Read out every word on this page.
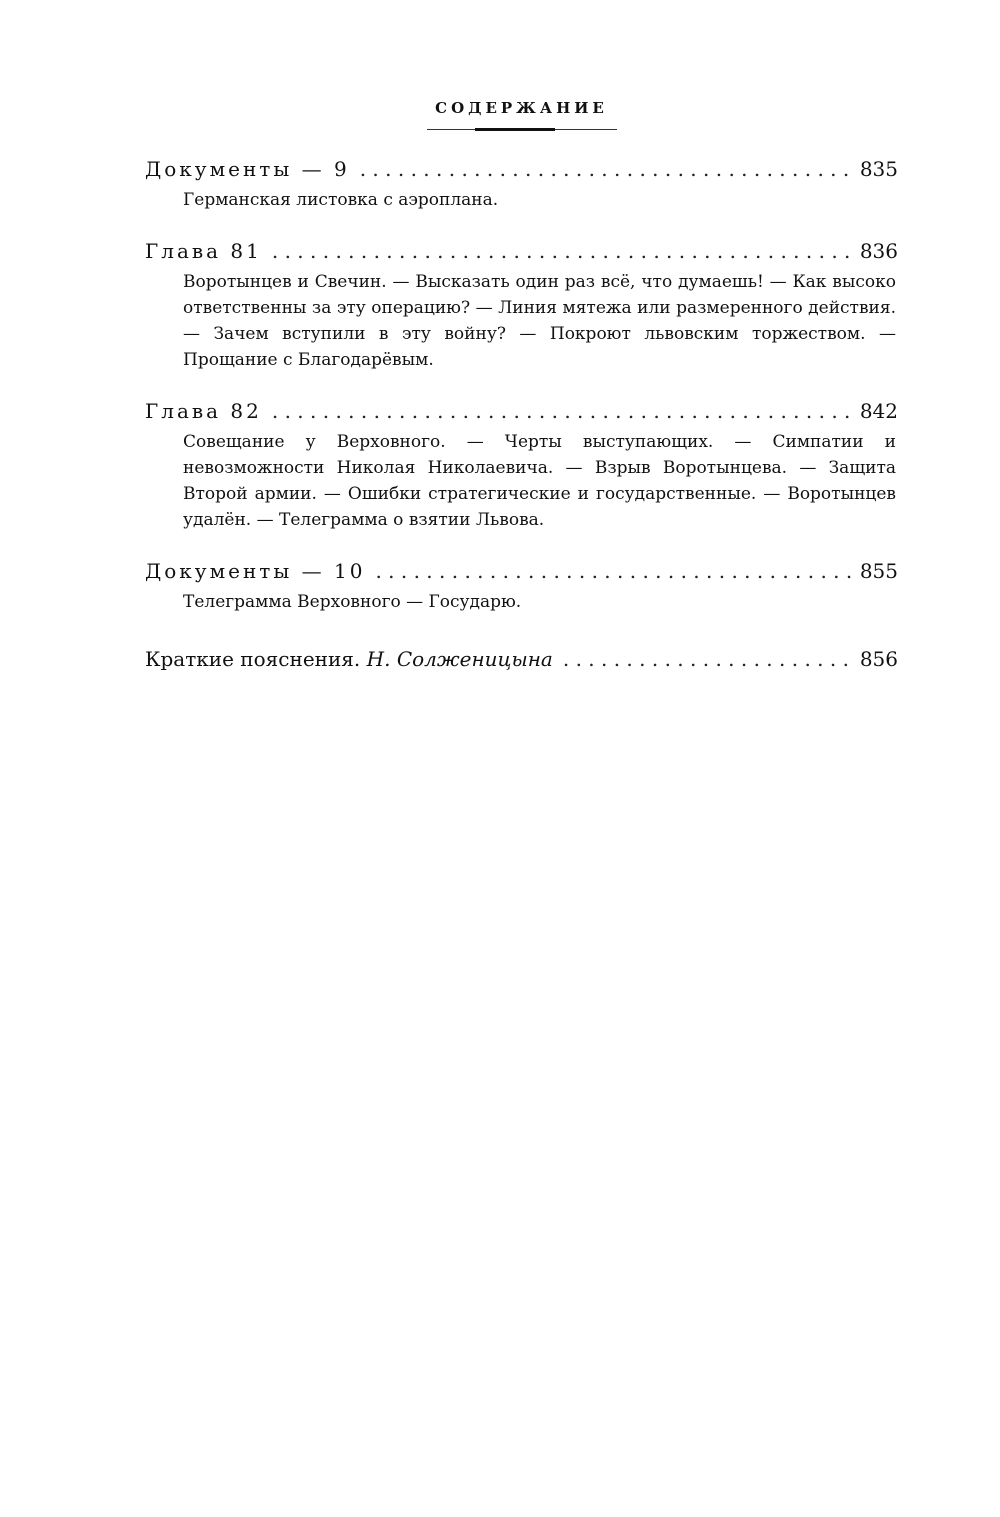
СОДЕРЖАНИЕ
Документы — 9 . . .	835
Германская листовка с аэроплана.
Глава 81 . . .	836
Воротынцев и Свечин. — Высказать один раз всё, что думаешь! — Как высоко ответственны за эту операцию? — Линия мятежа или размеренного действия. — Зачем вступили в эту войну? — Покроют львовским торжеством. — Прощание с Благодарёвым.
Глава 82 . . .	842
Совещание у Верховного. — Черты выступающих. — Симпатии и невозможности Николая Николаевича. — Взрыв Воротынцева. — Защита Второй армии. — Ошибки стратегические и государственные. — Воротынцев удалён. — Телеграмма о взятии Львова.
Документы — 10 . . .	855
Телеграмма Верховного — Государю.
Краткие пояснения. Н. Солженицына . . .	856
